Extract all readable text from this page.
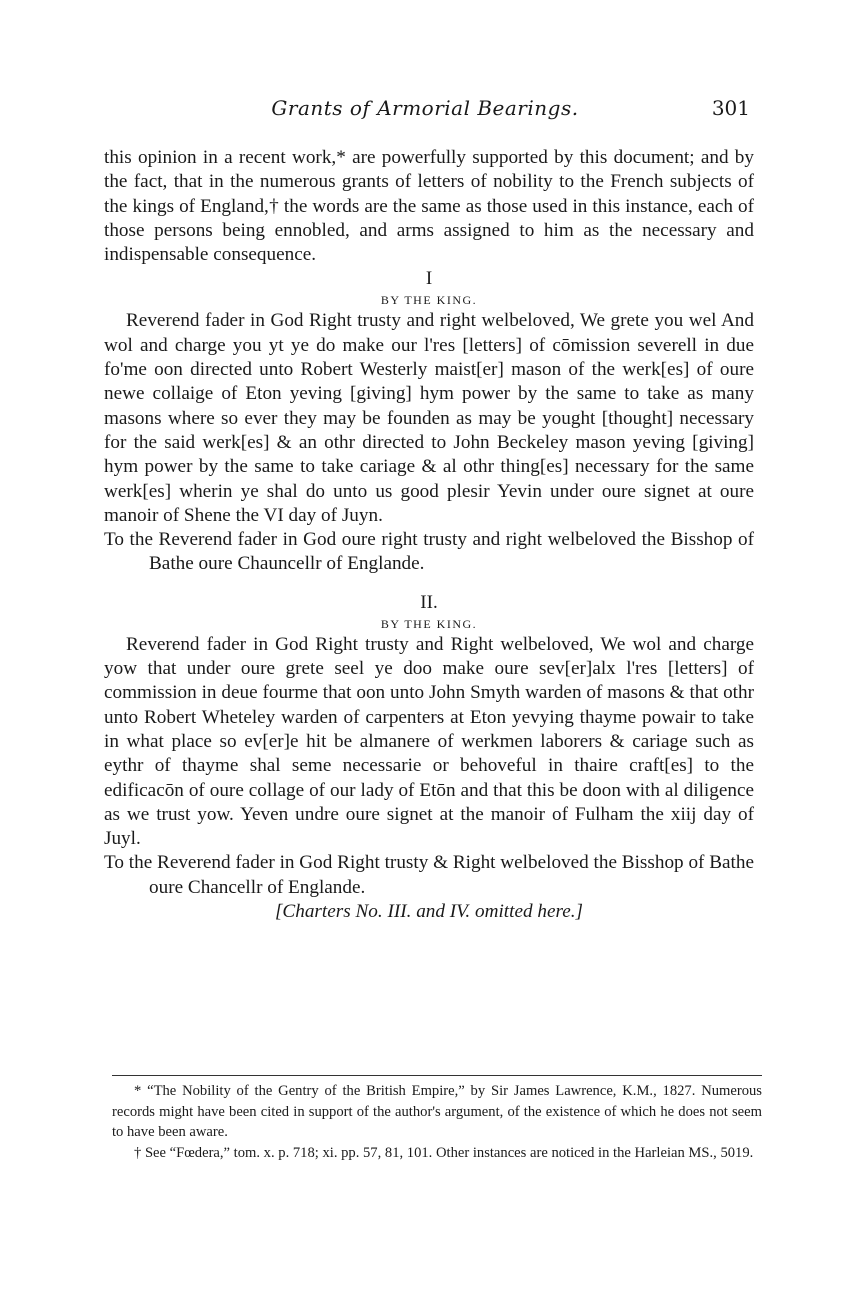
Grants of Armorial Bearings.	301

this opinion in a recent work,* are powerfully supported by this document; and by the fact, that in the numerous grants of letters of nobility to the French subjects of the kings of England,† the words are the same as those used in this instance, each of those persons being ennobled, and arms assigned to him as the necessary and indispensable consequence.

I

BY THE KING.

Reverend fader in God Right trusty and right welbeloved, We grete you wel And wol and charge you yt ye do make our l'res [letters] of cōmission severell in due fo'me oon directed unto Robert Westerly maist[er] mason of the werk[es] of oure newe collaige of Eton yeving [giving] hym power by the same to take as many masons where so ever they may be founden as may be yought [thought] necessary for the said werk[es] & an othr directed to John Beckeley mason yeving [giving] hym power by the same to take cariage & al othr thing[es] necessary for the same werk[es] wherin ye shal do unto us good plesir Yevin under oure signet at oure manoir of Shene the VI day of Juyn.

To the Reverend fader in God oure right trusty and right welbeloved the Bisshop of Bathe oure Chauncellr of Englande.

II.

BY THE KING.

Reverend fader in God Right trusty and Right welbeloved, We wol and charge yow that under oure grete seel ye doo make oure sev[er]alx l'res [letters] of commission in deue fourme that oon unto John Smyth warden of masons & that othr unto Robert Wheteley warden of carpenters at Eton yevying thayme powair to take in what place so ev[er]e hit be almanere of werkmen laborers & cariage such as eythr of thayme shal seme necessarie or behoveful in thaire craft[es] to the edificacōn of oure collage of our lady of Etōn and that this be doon with al diligence as we trust yow. Yeven undre oure signet at the manoir of Fulham the xiij day of Juyl.

To the Reverend fader in God Right trusty & Right welbeloved the Bisshop of Bathe oure Chancellr of Englande.

[Charters No. III. and IV. omitted here.]

* “The Nobility of the Gentry of the British Empire,” by Sir James Lawrence, K.M., 1827. Numerous records might have been cited in support of the author's argument, of the existence of which he does not seem to have been aware.

† See “Fœdera,” tom. x. p. 718; xi. pp. 57, 81, 101. Other instances are noticed in the Harleian MS., 5019.
